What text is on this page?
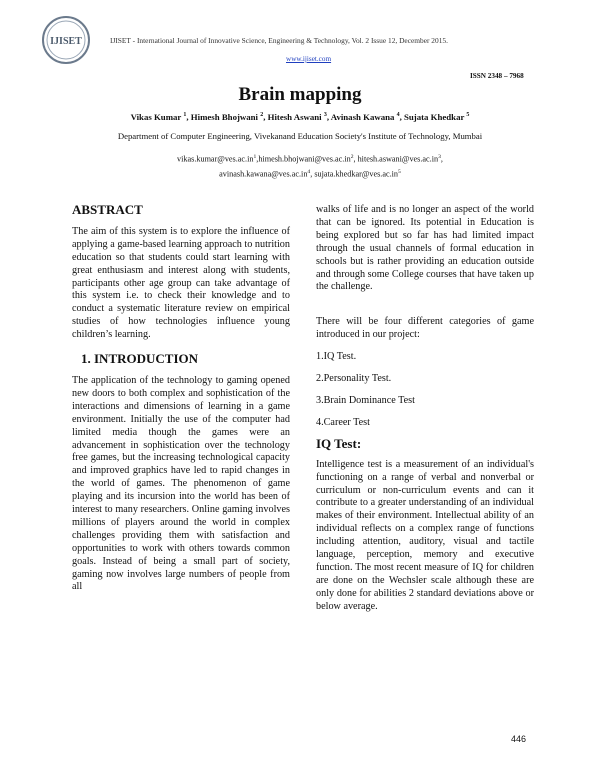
IJISET	IJISET - International Journal of Innovative Science, Engineering & Technology, Vol. 2 Issue 12, December 2015.
www.ijiset.com
ISSN 2348 – 7968
Brain mapping
Vikas Kumar $^1$, Himesh Bhojwani $^2$, Hitesh Aswani $^3$, Avinash Kawana $^4$, Sujata Khedkar $^5$
Department of Computer Engineering, Vivekanand Education Society's Institute of Technology, Mumbai
$vikas.kumar@ves.ac.in^1,himesh.bhojwani@ves.ac.in^2$, $hitesh.aswani@ves.ac.in^3$, $avinash.kawana@ves.ac.in^4$, $sujata.khedkar@ves.ac.in^5$
ABSTRACT

The aim of this system is to explore the influence of applying a game-based learning approach to nutrition education so that students could start learning with great enthusiasm and interest along with students, participants other age group can take advantage of this system i.e. to check their knowledge and to conduct a systematic literature review on empirical studies of how technologies influence young children’s learning.

1. INTRODUCTION

The application of the technology to gaming opened new doors to both complex and sophistication of the interactions and dimensions of learning in a game environment. Initially the use of the computer had limited media though the games were an advancement in sophistication over the technology free games, but the increasing technological capacity and improved graphics have led to rapid changes in the world of games. The phenomenon of game playing and its incursion into the world has been of interest to many researchers. Online gaming involves millions of players around the world in complex challenges providing them with satisfaction and opportunities to work with others towards common goals. Instead of being a small part of society, gaming now involves large numbers of people from all

walks of life and is no longer an aspect of the world that can be ignored. Its potential in Education is being explored but so far has had limited impact through the usual channels of formal education in schools but is rather providing an education outside and through some College courses that have taken up the challenge.

There will be four different categories of game introduced in our project:

1.IQ Test.
2.Personality Test.
3.Brain Dominance Test
4.Career Test
IQ Test:

Intelligence test is a measurement of an individual's functioning on a range of verbal and nonverbal or curriculum or non-curriculum events and can it contribute to a greater understanding of an individual makes of their environment. Intellectual ability of an individual reflects on a complex range of functions including attention, auditory, visual and tactile language, perception, memory and executive function. The most recent measure of IQ for children are done on the Wechsler scale although these are only done for abilities 2 standard deviations above or below average.

446
